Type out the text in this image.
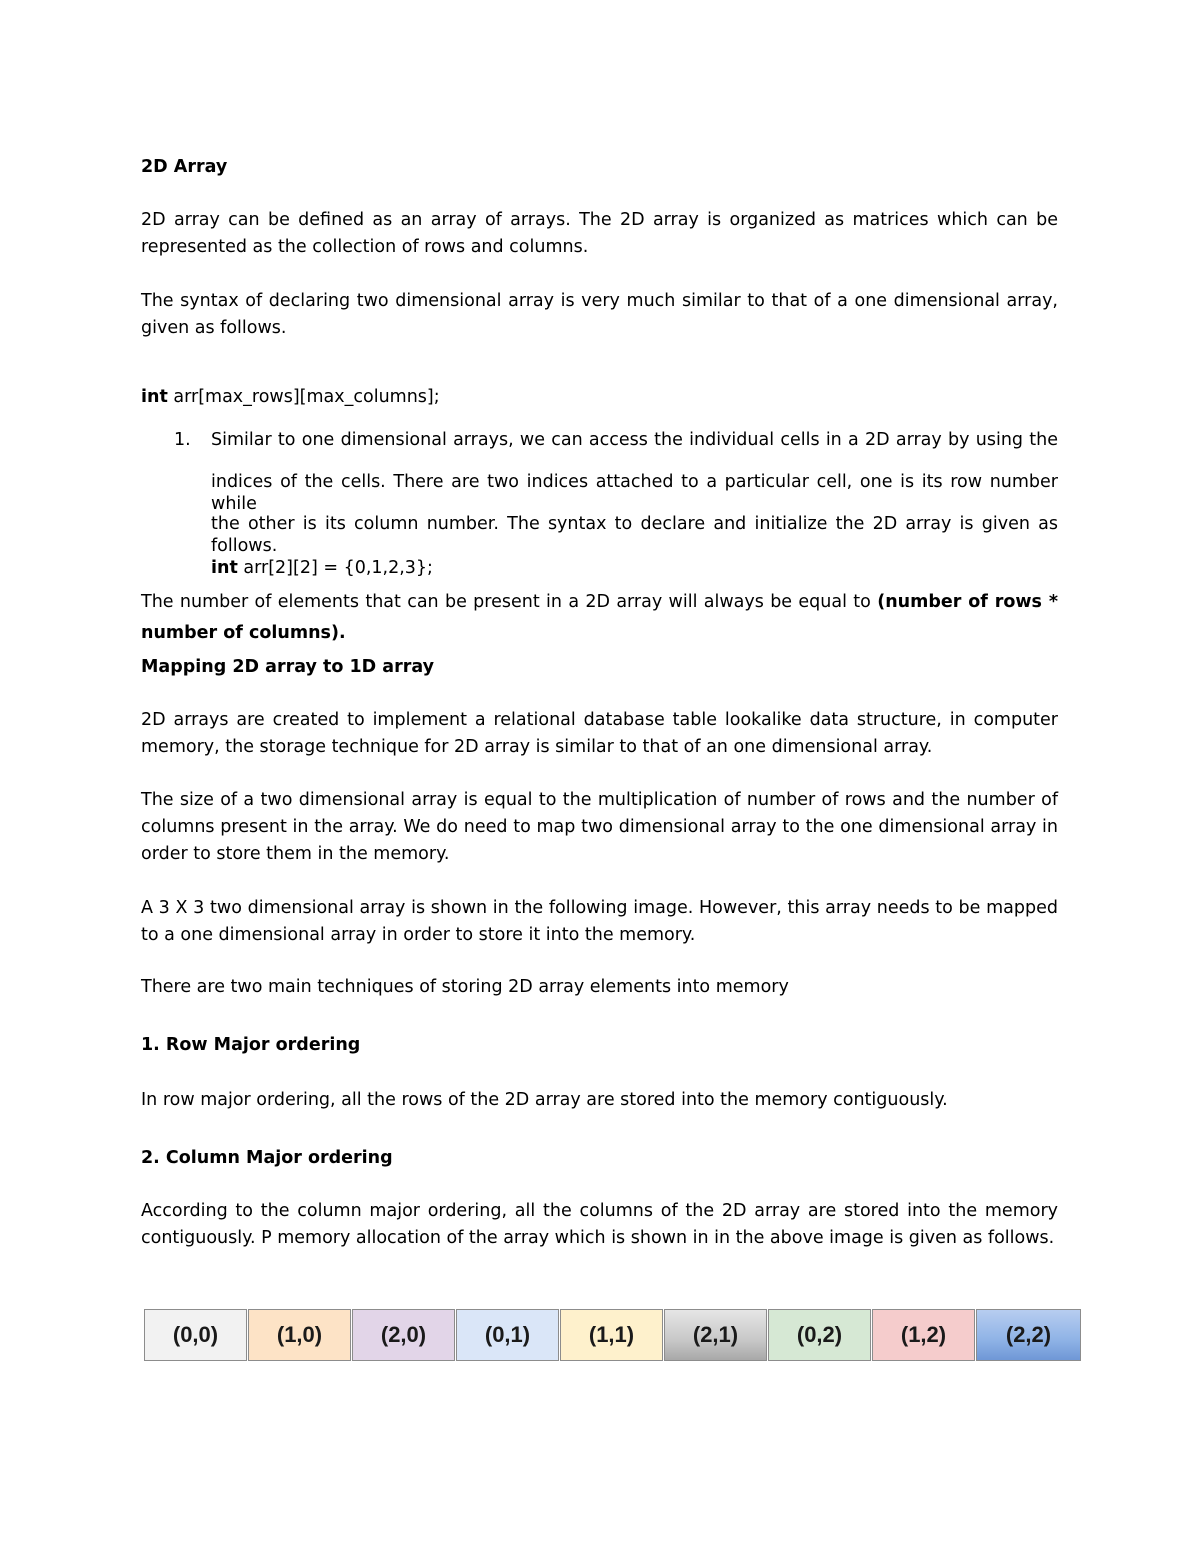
2D Array
2D array can be defined as an array of arrays. The 2D array is organized as matrices which can be
represented as the collection of rows and columns.
The syntax of declaring two dimensional array is very much similar to that of a one dimensional array,
given as follows.
int arr[max_rows][max_columns];
1. Similar to one dimensional arrays, we can access the individual cells in a 2D array by using the
indices of the cells. There are two indices attached to a particular cell, one is its row number while
the other is its column number. The syntax to declare and initialize the 2D array is given as follows.
int arr[2][2] = {0,1,2,3};
The number of elements that can be present in a 2D array will always be equal to (number of rows *
number of columns).
Mapping 2D array to 1D array
2D arrays are created to implement a relational database table lookalike data structure, in computer
memory, the storage technique for 2D array is similar to that of an one dimensional array.
The size of a two dimensional array is equal to the multiplication of number of rows and the number of
columns present in the array. We do need to map two dimensional array to the one dimensional array in
order to store them in the memory.
A 3 X 3 two dimensional array is shown in the following image. However, this array needs to be mapped
to a one dimensional array in order to store it into the memory.
There are two main techniques of storing 2D array elements into memory
1. Row Major ordering
In row major ordering, all the rows of the 2D array are stored into the memory contiguously.
2. Column Major ordering
According to the column major ordering, all the columns of the 2D array are stored into the memory
contiguously. P memory allocation of the array which is shown in in the above image is given as follows.
(0,0)	(1,0)	(2,0)	(0,1)	(1,1)	(2,1)	(0,2)	(1,2)	(2,2)
